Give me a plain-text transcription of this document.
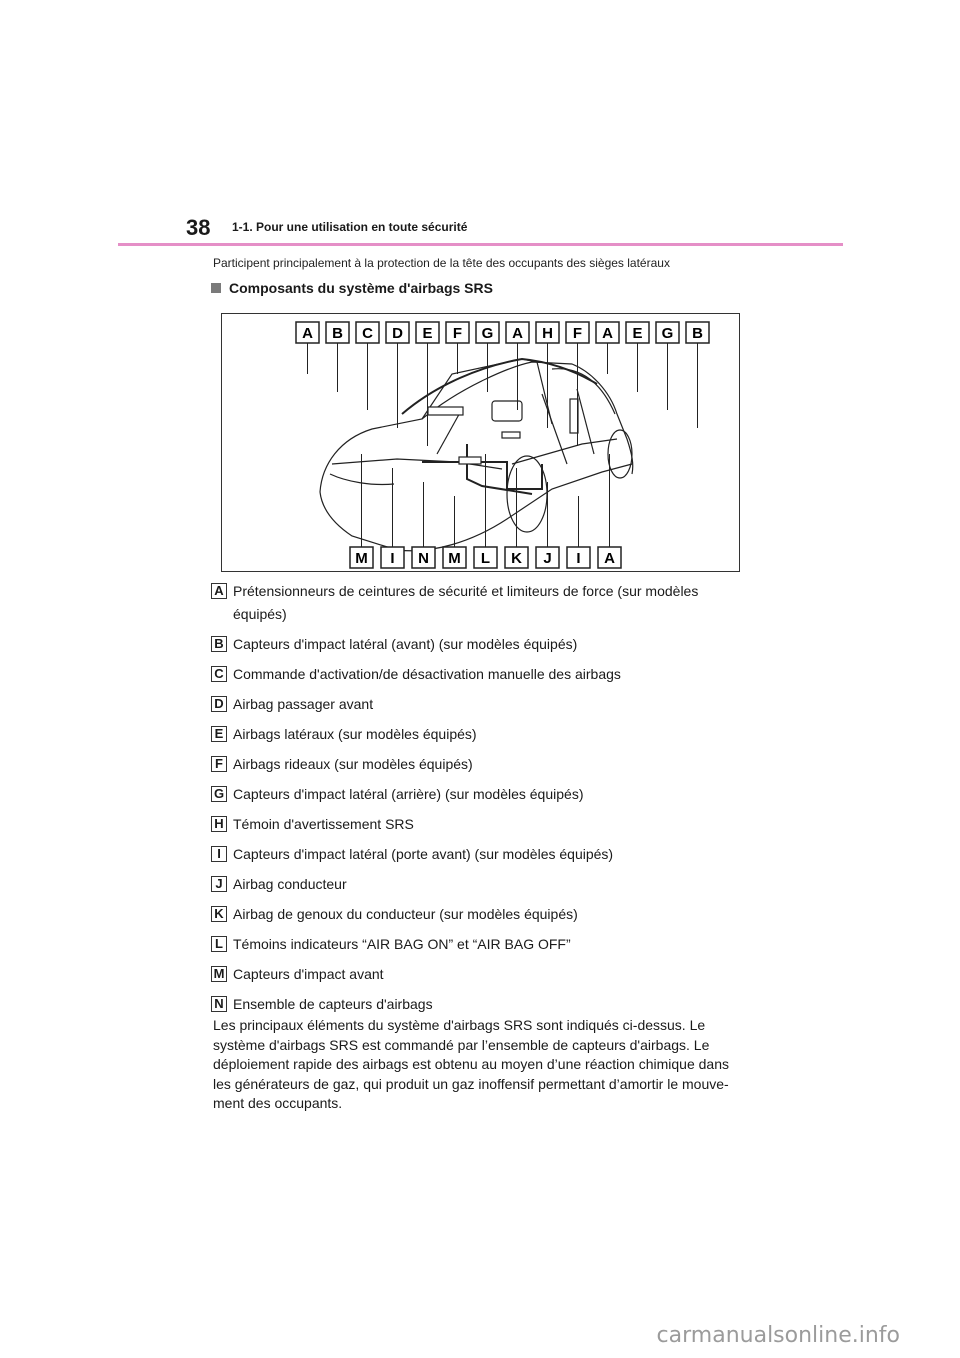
38 1-1. Pour une utilisation en toute sécurité
Participent principalement à la protection de la tête des occupants des sièges latéraux
Composants du système d'airbags SRS
A B C D E F G A H F A E G B
M I N M L K J I A
A Prétensionneurs de ceintures de sécurité et limiteurs de force (sur modèles
équipés)
B Capteurs d'impact latéral (avant) (sur modèles équipés)
C Commande d'activation/de désactivation manuelle des airbags
D Airbag passager avant
E Airbags latéraux (sur modèles équipés)
F Airbags rideaux (sur modèles équipés)
G Capteurs d'impact latéral (arrière) (sur modèles équipés)
H Témoin d'avertissement SRS
I Capteurs d'impact latéral (porte avant) (sur modèles équipés)
J Airbag conducteur
K Airbag de genoux du conducteur (sur modèles équipés)
L Témoins indicateurs “AIR BAG ON” et “AIR BAG OFF”
M Capteurs d'impact avant
N Ensemble de capteurs d'airbags
Les principaux éléments du système d'airbags SRS sont indiqués ci-dessus. Le
système d'airbags SRS est commandé par l’ensemble de capteurs d'airbags. Le
déploiement rapide des airbags est obtenu au moyen d’une réaction chimique dans
les générateurs de gaz, qui produit un gaz inoffensif permettant d’amortir le mouve-
ment des occupants.
carmanualsonline.info
